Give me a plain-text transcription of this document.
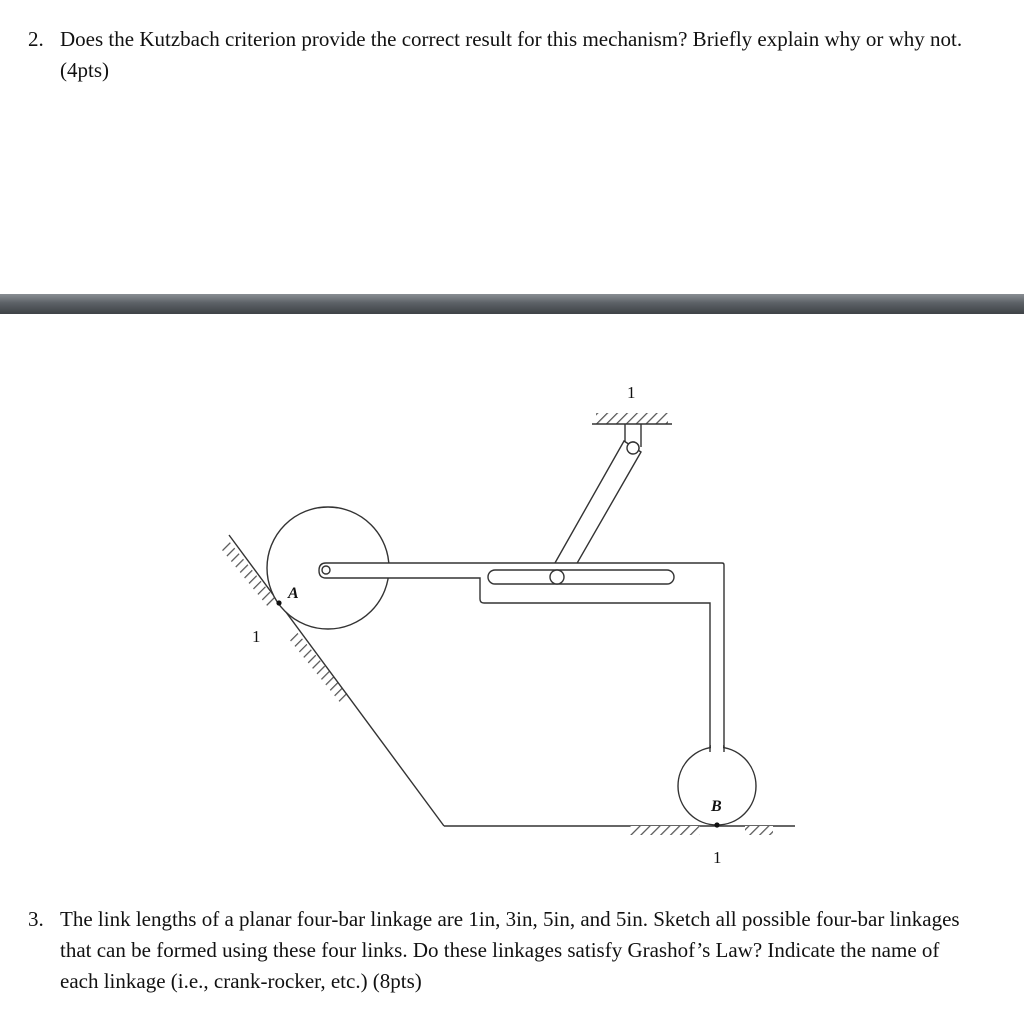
2. Does the Kutzbach criterion provide the correct result for this mechanism? Briefly explain why or why not. (4pts)
1
1
A
B
1
3. The link lengths of a planar four-bar linkage are 1in, 3in, 5in, and 5in. Sketch all possible four-bar linkages that can be formed using these four links. Do these linkages satisfy Grashof’s Law? Indicate the name of each linkage (i.e., crank-rocker, etc.) (8pts)
